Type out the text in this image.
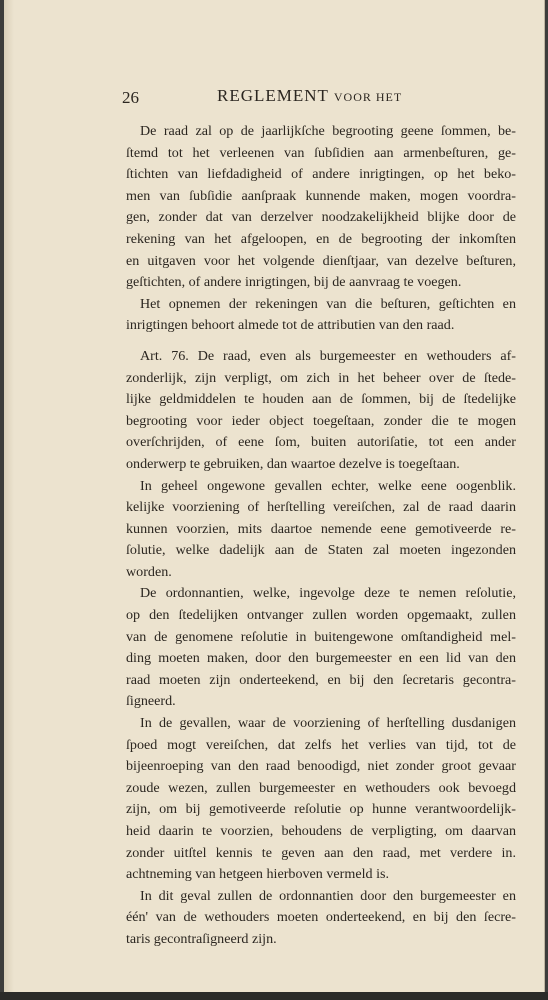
26	REGLEMENT VOOR HET
De raad zal op de jaarlijkſche begrooting geene ſommen, be-
ſtemd tot het verleenen van ſubſidien aan armenbeſturen, ge-
ſtichten van liefdadigheid of andere inrigtingen, op het beko-
men van ſubſidie aanſpraak kunnende maken, mogen voordra-
gen, zonder dat van derzelver noodzakelijkheid blijke door de
rekening van het afgeloopen, en de begrooting der inkomſten
en uitgaven voor het volgende dienſtjaar, van dezelve beſturen,
geſtichten, of andere inrigtingen, bij de aanvraag te voegen.
Het opnemen der rekeningen van die beſturen, geſtichten en
inrigtingen behoort almede tot de attributien van den raad.
Art. 76. De raad, even als burgemeester en wethouders af-
zonderlijk, zijn verpligt, om zich in het beheer over de ſtede-
lijke geldmiddelen te houden aan de ſommen, bij de ſtedelijke
begrooting voor ieder object toegeſtaan, zonder die te mogen
overſchrijden, of eene ſom, buiten autoriſatie, tot een ander
onderwerp te gebruiken, dan waartoe dezelve is toegeſtaan.
In geheel ongewone gevallen echter, welke eene oogenblik.
kelijke voorziening of herſtelling vereiſchen, zal de raad daarin
kunnen voorzien, mits daartoe nemende eene gemotiveerde re-
ſolutie, welke dadelijk aan de Staten zal moeten ingezonden
worden.
De ordonnantien, welke, ingevolge deze te nemen reſolutie,
op den ſtedelijken ontvanger zullen worden opgemaakt, zullen
van de genomene reſolutie in buitengewone omſtandigheid mel-
ding moeten maken, door den burgemeester en een lid van den
raad moeten zijn onderteekend, en bij den ſecretaris gecontra-
ſigneerd.
In de gevallen, waar de voorziening of herſtelling dusdanigen
ſpoed mogt vereiſchen, dat zelfs het verlies van tijd, tot de
bijeenroeping van den raad benoodigd, niet zonder groot gevaar
zoude wezen, zullen burgemeester en wethouders ook bevoegd
zijn, om bij gemotiveerde reſolutie op hunne verantwoordelijk-
heid daarin te voorzien, behoudens de verpligting, om daarvan
zonder uitſtel kennis te geven aan den raad, met verdere in.
achtneming van hetgeen hierboven vermeld is.
In dit geval zullen de ordonnantien door den burgemeester en
één' van de wethouders moeten onderteekend, en bij den ſecre-
taris gecontraſigneerd zijn.
